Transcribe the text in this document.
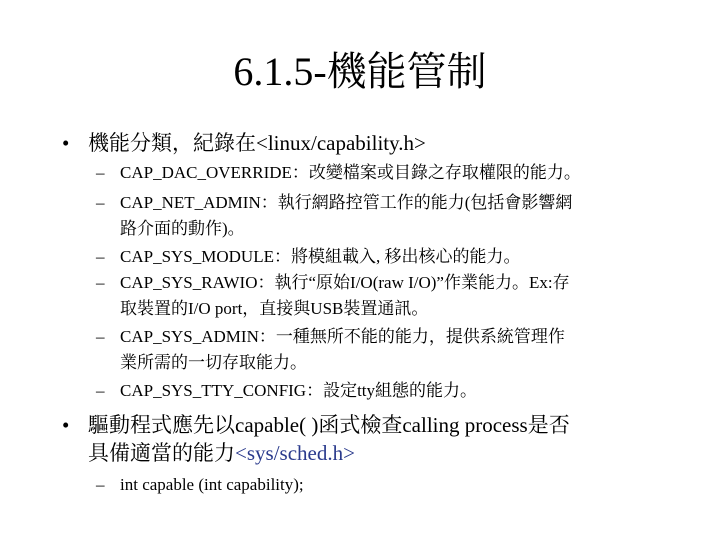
6.1.5-機能管制
• 機能分類，紀錄在<linux/capability.h>
– CAP_DAC_OVERRIDE：改變檔案或目錄之存取權限的能力。
– CAP_NET_ADMIN：執行網路控管工作的能力(包括會影響網
路介面的動作)。
– CAP_SYS_MODULE：將模組載入, 移出核心的能力。
– CAP_SYS_RAWIO：執行“原始I/O(raw I/O)”作業能力。Ex:存
取裝置的I/O port，直接與USB裝置通訊。
– CAP_SYS_ADMIN：一種無所不能的能力，提供系統管理作
業所需的一切存取能力。
– CAP_SYS_TTY_CONFIG：設定tty組態的能力。
• 驅動程式應先以capable( )函式檢查calling process是否
具備適當的能力<sys/sched.h>
– int capable (int capability);
